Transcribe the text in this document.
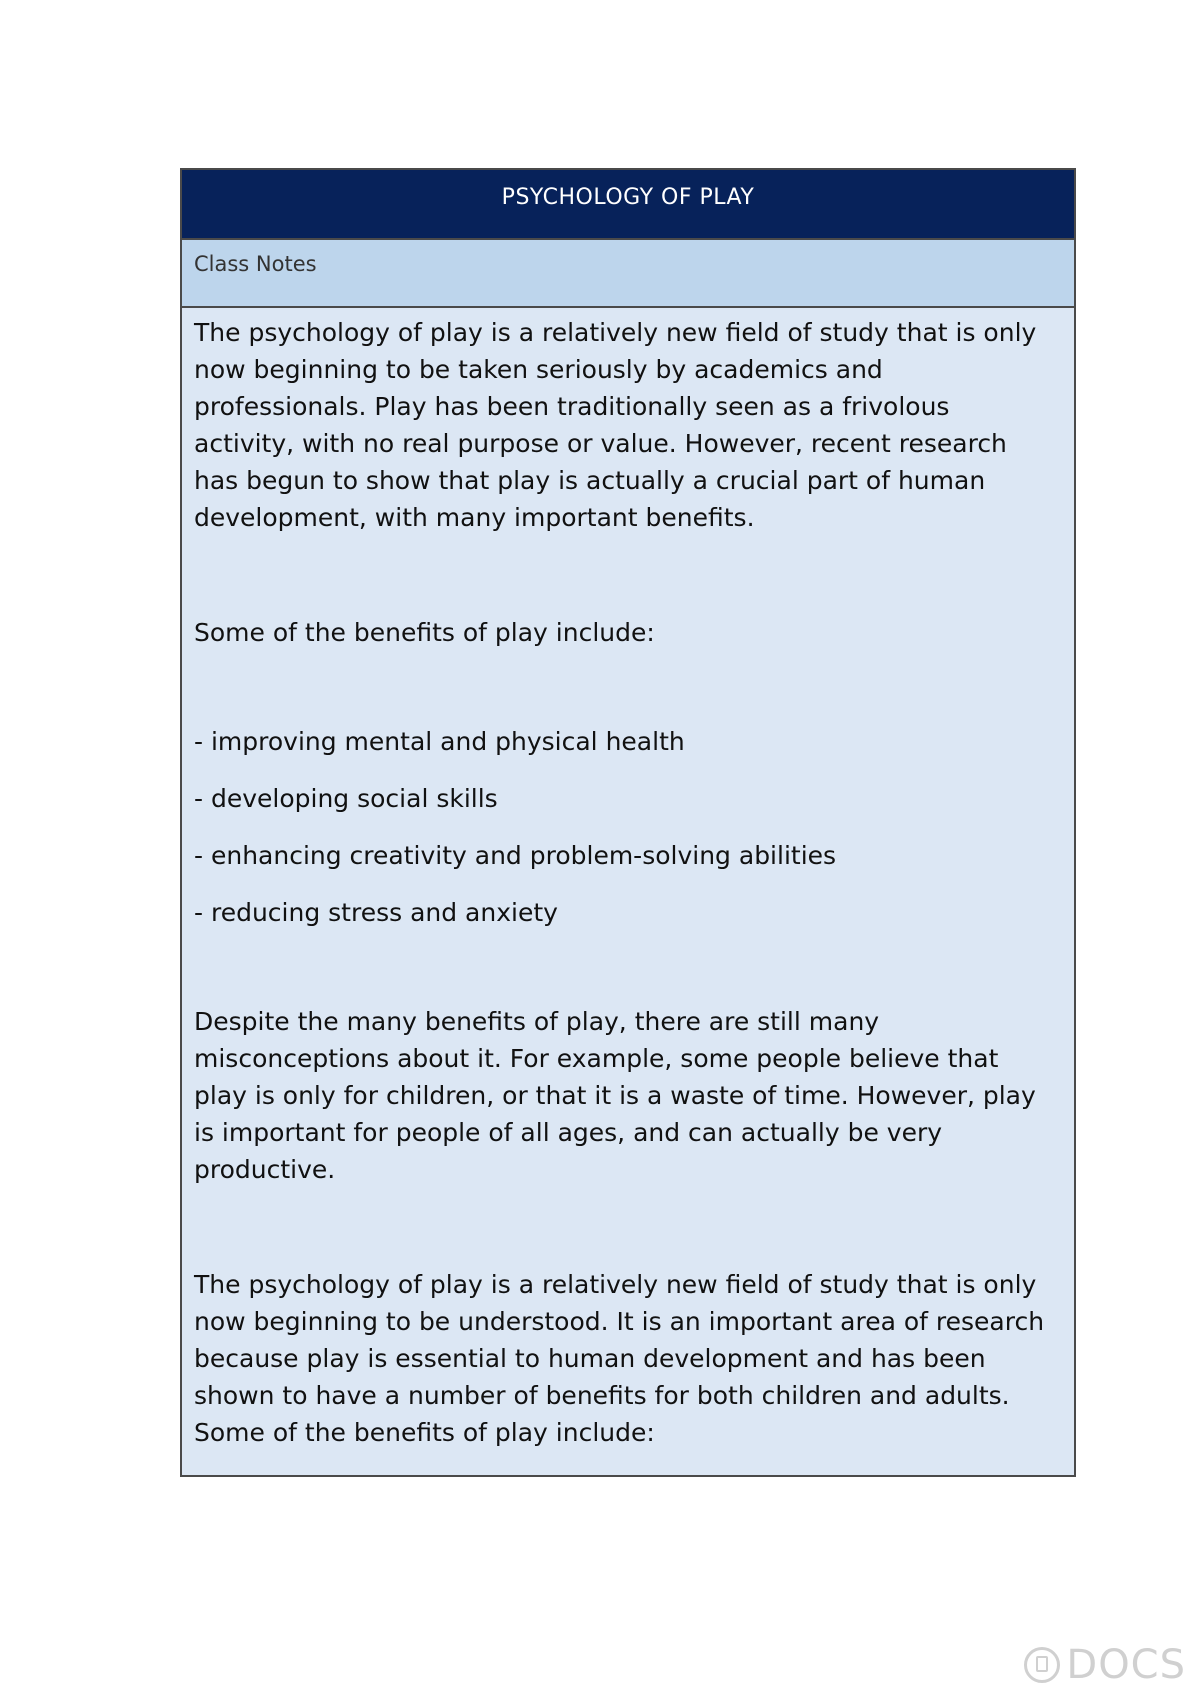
PSYCHOLOGY OF PLAY
Class Notes

The psychology of play is a relatively new field of study that is only now beginning to be taken seriously by academics and professionals. Play has been traditionally seen as a frivolous activity, with no real purpose or value. However, recent research has begun to show that play is actually a crucial part of human development, with many important benefits.

Some of the benefits of play include:

- improving mental and physical health

- developing social skills

- enhancing creativity and problem-solving abilities

- reducing stress and anxiety

Despite the many benefits of play, there are still many misconceptions about it. For example, some people believe that play is only for children, or that it is a waste of time. However, play is important for people of all ages, and can actually be very productive.

The psychology of play is a relatively new field of study that is only now beginning to be understood. It is an important area of research because play is essential to human development and has been shown to have a number of benefits for both children and adults.

Some of the benefits of play include:

DOCS
